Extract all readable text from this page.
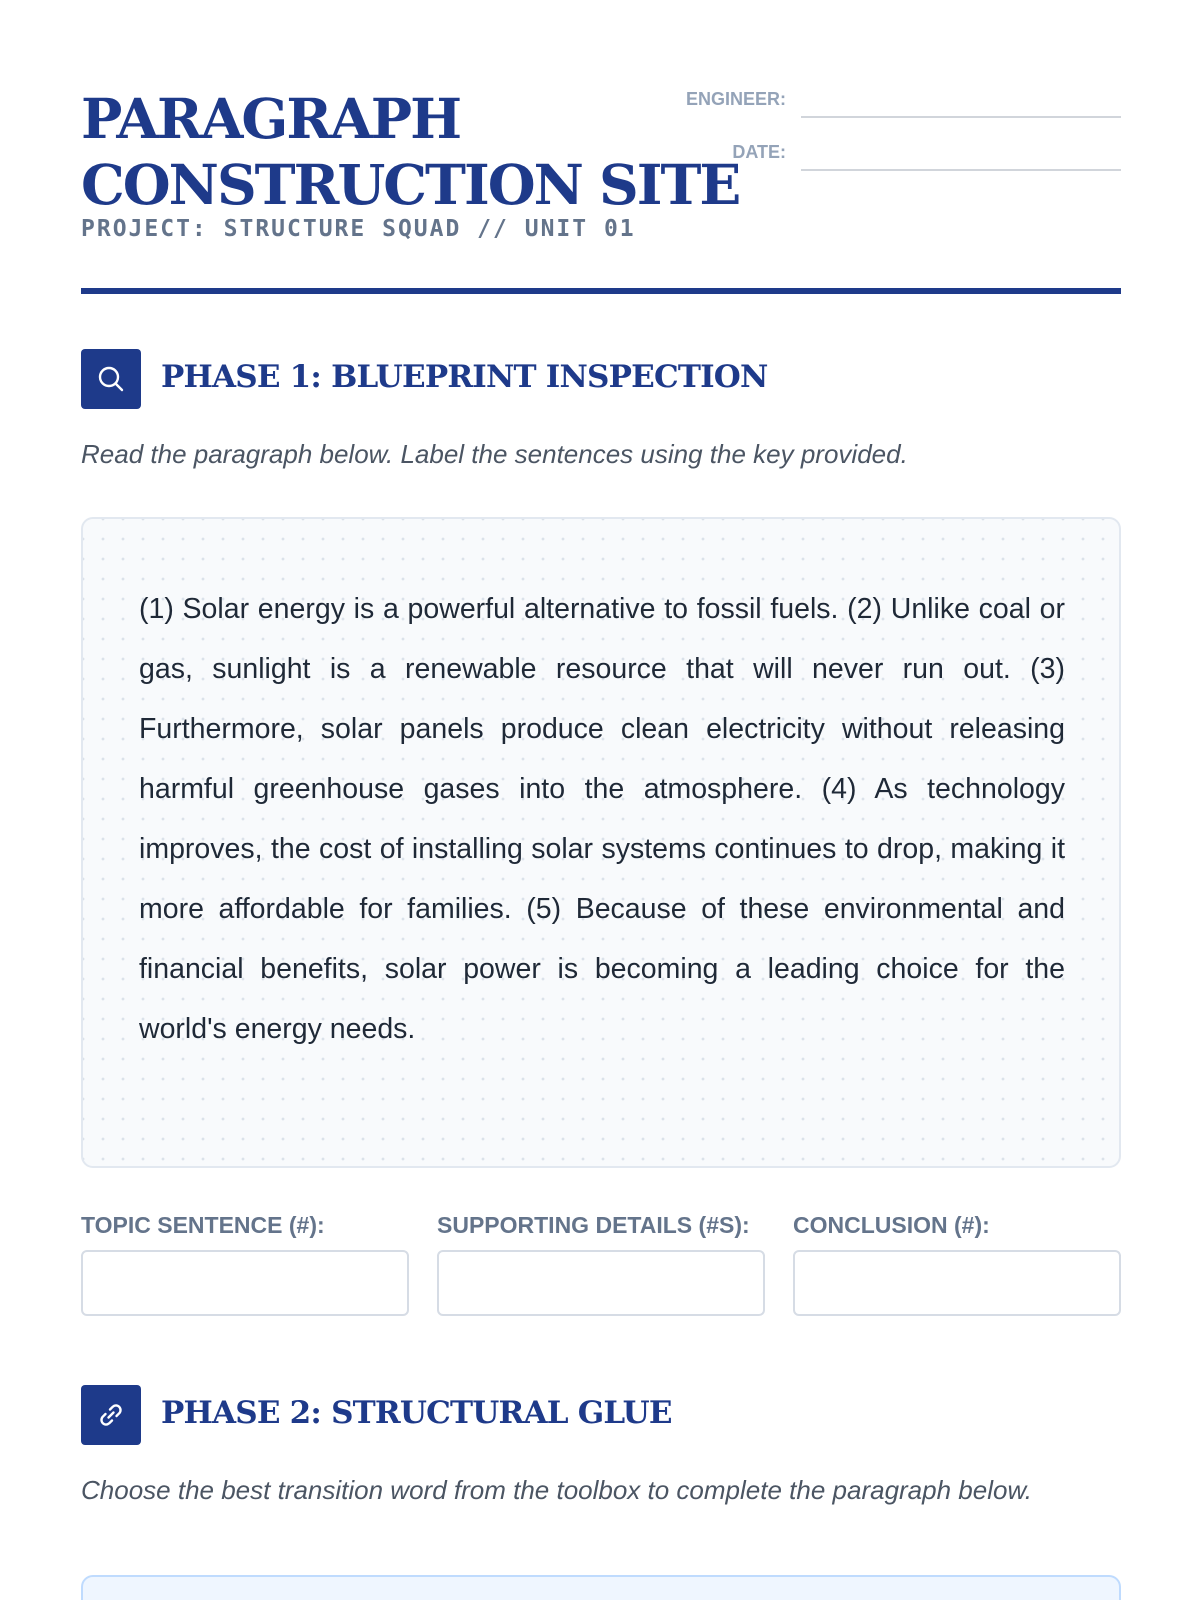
PARAGRAPH
CONSTRUCTION SITE
PROJECT: STRUCTURE SQUAD // UNIT 01
ENGINEER:
DATE:
PHASE 1: BLUEPRINT INSPECTION

Read the paragraph below. Label the sentences using the key provided.

(1) Solar energy is a powerful alternative to fossil fuels. (2) Unlike coal or gas, sunlight is a renewable resource that will never run out. (3) Furthermore, solar panels produce clean electricity without releasing harmful greenhouse gases into the atmosphere. (4) As technology improves, the cost of installing solar systems continues to drop, making it more affordable for families. (5) Because of these environmental and financial benefits, solar power is becoming a leading choice for the world's energy needs.

TOPIC SENTENCE (#):	SUPPORTING DETAILS (#S): CONCLUSION (#):
PHASE 2: STRUCTURAL GLUE

Choose the best transition word from the toolbox to complete the paragraph below.
